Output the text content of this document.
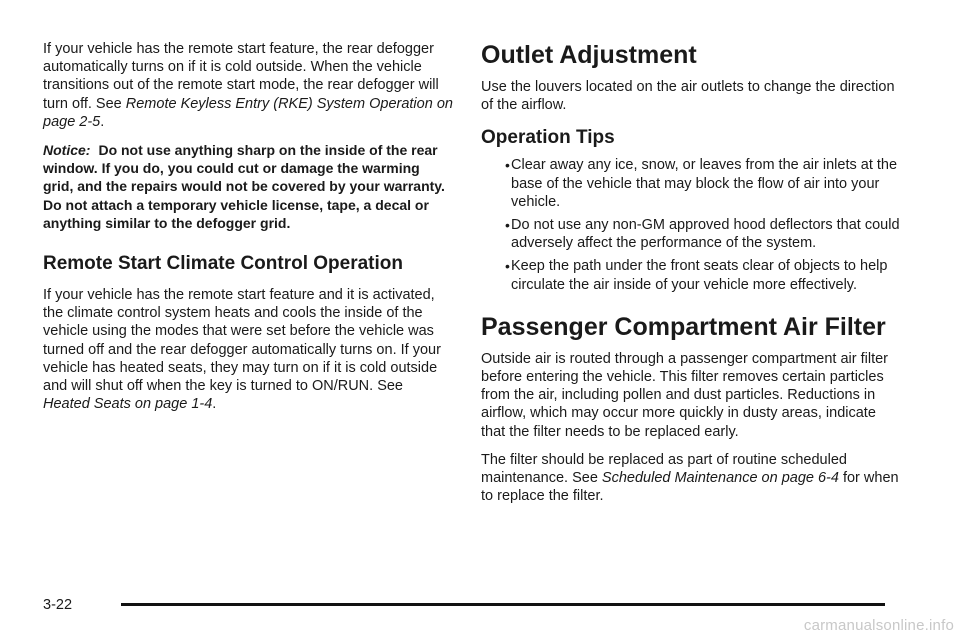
If your vehicle has the remote start feature, the rear defogger automatically turns on if it is cold outside. When the vehicle transitions out of the remote start mode, the rear defogger will turn off. See Remote Keyless Entry (RKE) System Operation on page 2-5.

Notice: Do not use anything sharp on the inside of the rear window. If you do, you could cut or damage the warming grid, and the repairs would not be covered by your warranty. Do not attach a temporary vehicle license, tape, a decal or anything similar to the defogger grid.

Remote Start Climate Control Operation

If your vehicle has the remote start feature and it is activated, the climate control system heats and cools the inside of the vehicle using the modes that were set before the vehicle was turned off and the rear defogger automatically turns on. If your vehicle has heated seats, they may turn on if it is cold outside and will shut off when the key is turned to ON/RUN. See Heated Seats on page 1-4.

Outlet Adjustment

Use the louvers located on the air outlets to change the direction of the airflow.

Operation Tips
• Clear away any ice, snow, or leaves from the air inlets at the base of the vehicle that may block the flow of air into your vehicle.
• Do not use any non-GM approved hood deflectors that could adversely affect the performance of the system.
• Keep the path under the front seats clear of objects to help circulate the air inside of your vehicle more effectively.
Passenger Compartment Air Filter

Outside air is routed through a passenger compartment air filter before entering the vehicle. This filter removes certain particles from the air, including pollen and dust particles. Reductions in airflow, which may occur more quickly in dusty areas, indicate that the filter needs to be replaced early.

The filter should be replaced as part of routine scheduled maintenance. See Scheduled Maintenance on page 6-4 for when to replace the filter.

3-22
carmanualsonline.info
